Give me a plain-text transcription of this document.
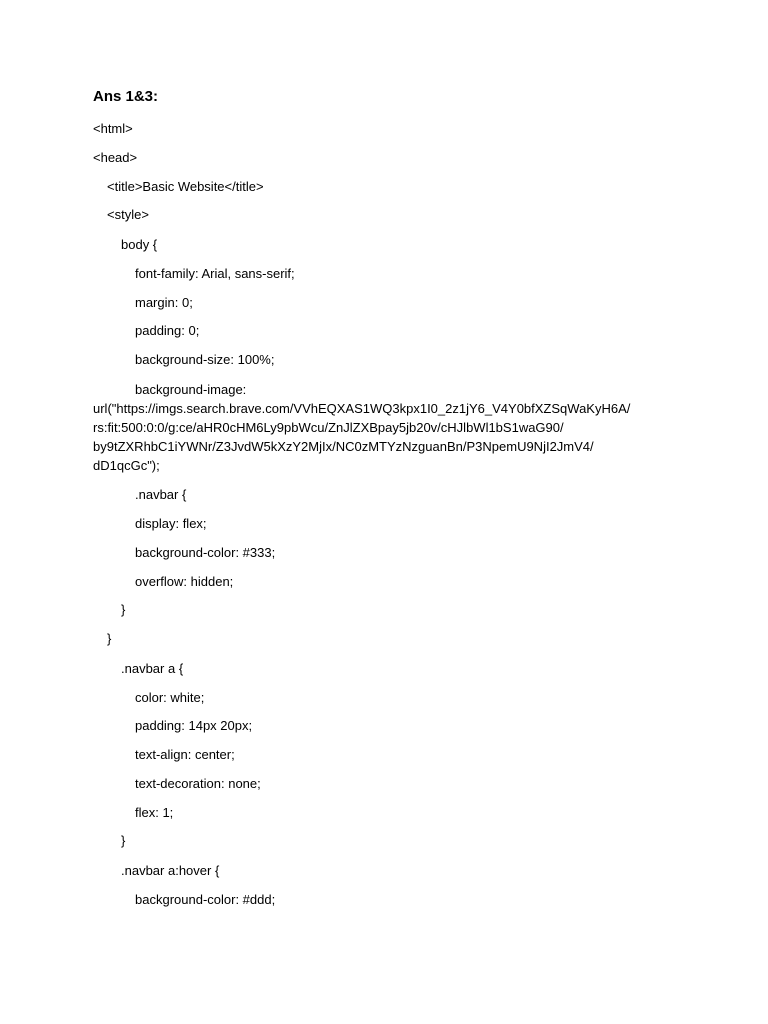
Ans 1&3:
<html>
<head>
<title>Basic Website</title>
<style>
body {
font-family: Arial, sans-serif;
margin: 0;
padding: 0;
background-size: 100%;
background-image:
url("https://imgs.search.brave.com/VVhEQXAS1WQ3kpx1I0_2z1jY6_V4Y0bfXZSqWaKyH6A/
rs:fit:500:0:0/g:ce/aHR0cHM6Ly9pbWcu/ZnJlZXBpay5jb20v/cHJlbWl1bS1waG90/
by9tZXRhbC1iYWNr/Z3JvdW5kXzY2MjIx/NC0zMTYzNzguanBn/P3NpemU9NjI2JmV4/
dD1qcGc");
.navbar {
display: flex;
background-color: #333;
overflow: hidden;
}
}
.navbar a {
color: white;
padding: 14px 20px;
text-align: center;
text-decoration: none;
flex: 1;
}
.navbar a:hover {
background-color: #ddd;
